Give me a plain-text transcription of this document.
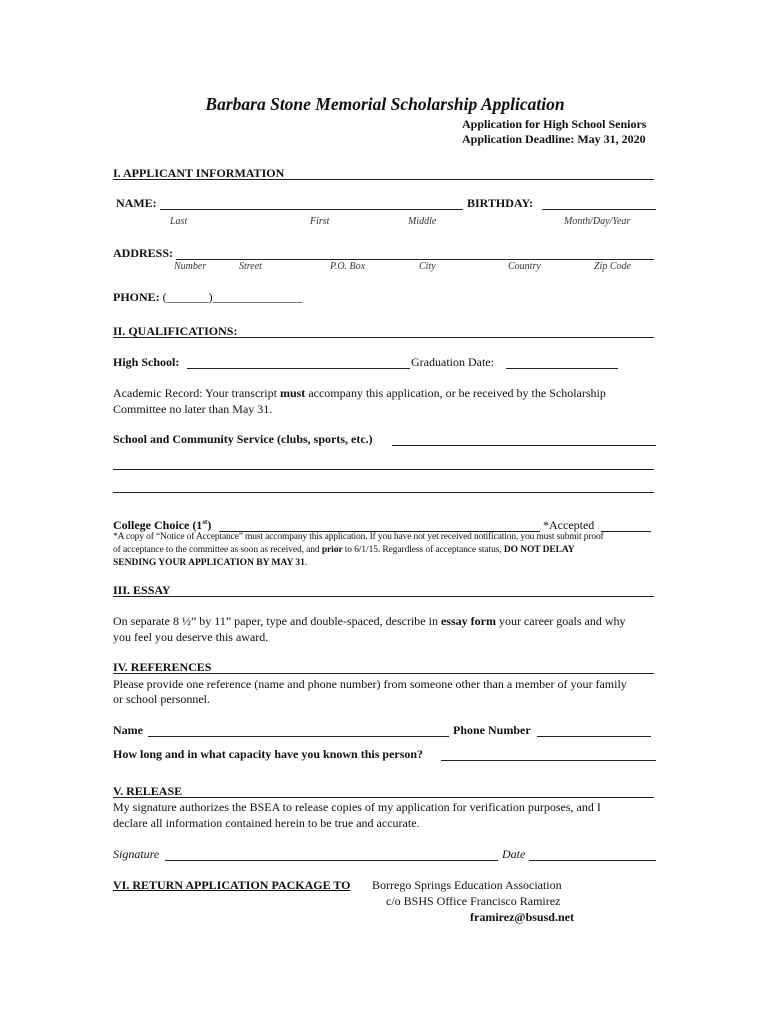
Barbara Stone Memorial Scholarship Application
Application for High School Seniors
Application Deadline: May 31, 2020
I. APPLICANT INFORMATION
NAME:	BIRTHDAY:
Last	First	Middle	Month/Day/Year
ADDRESS:
Number	Street	P.O. Box	City	Country	Zip Code
PHONE: (_______)_______________
II. QUALIFICATIONS:
High School:	Graduation Date:
Academic Record: Your transcript must accompany this application, or be received by the Scholarship
Committee no later than May 31.
School and Community Service (clubs, sports, etc.)
College Choice (1st)	*Accepted
*A copy of “Notice of Acceptance” must accompany this application. If you have not yet received notification, you must submit proof
of acceptance to the committee as soon as received, and prior to 6/1/15. Regardless of acceptance status, DO NOT DELAY
SENDING YOUR APPLICATION BY MAY 31.
III. ESSAY
On separate 8 ½” by 11” paper, type and double-spaced, describe in essay form your career goals and why
you feel you deserve this award.
IV. REFERENCES
Please provide one reference (name and phone number) from someone other than a member of your family
or school personnel.
Name	Phone Number
How long and in what capacity have you known this person?
V. RELEASE
My signature authorizes the BSEA to release copies of my application for verification purposes, and I
declare all information contained herein to be true and accurate.
Signature	Date
VI. RETURN APPLICATION PACKAGE TO Borrego Springs Education Association
c/o BSHS Office Francisco Ramirez
framirez@bsusd.net
